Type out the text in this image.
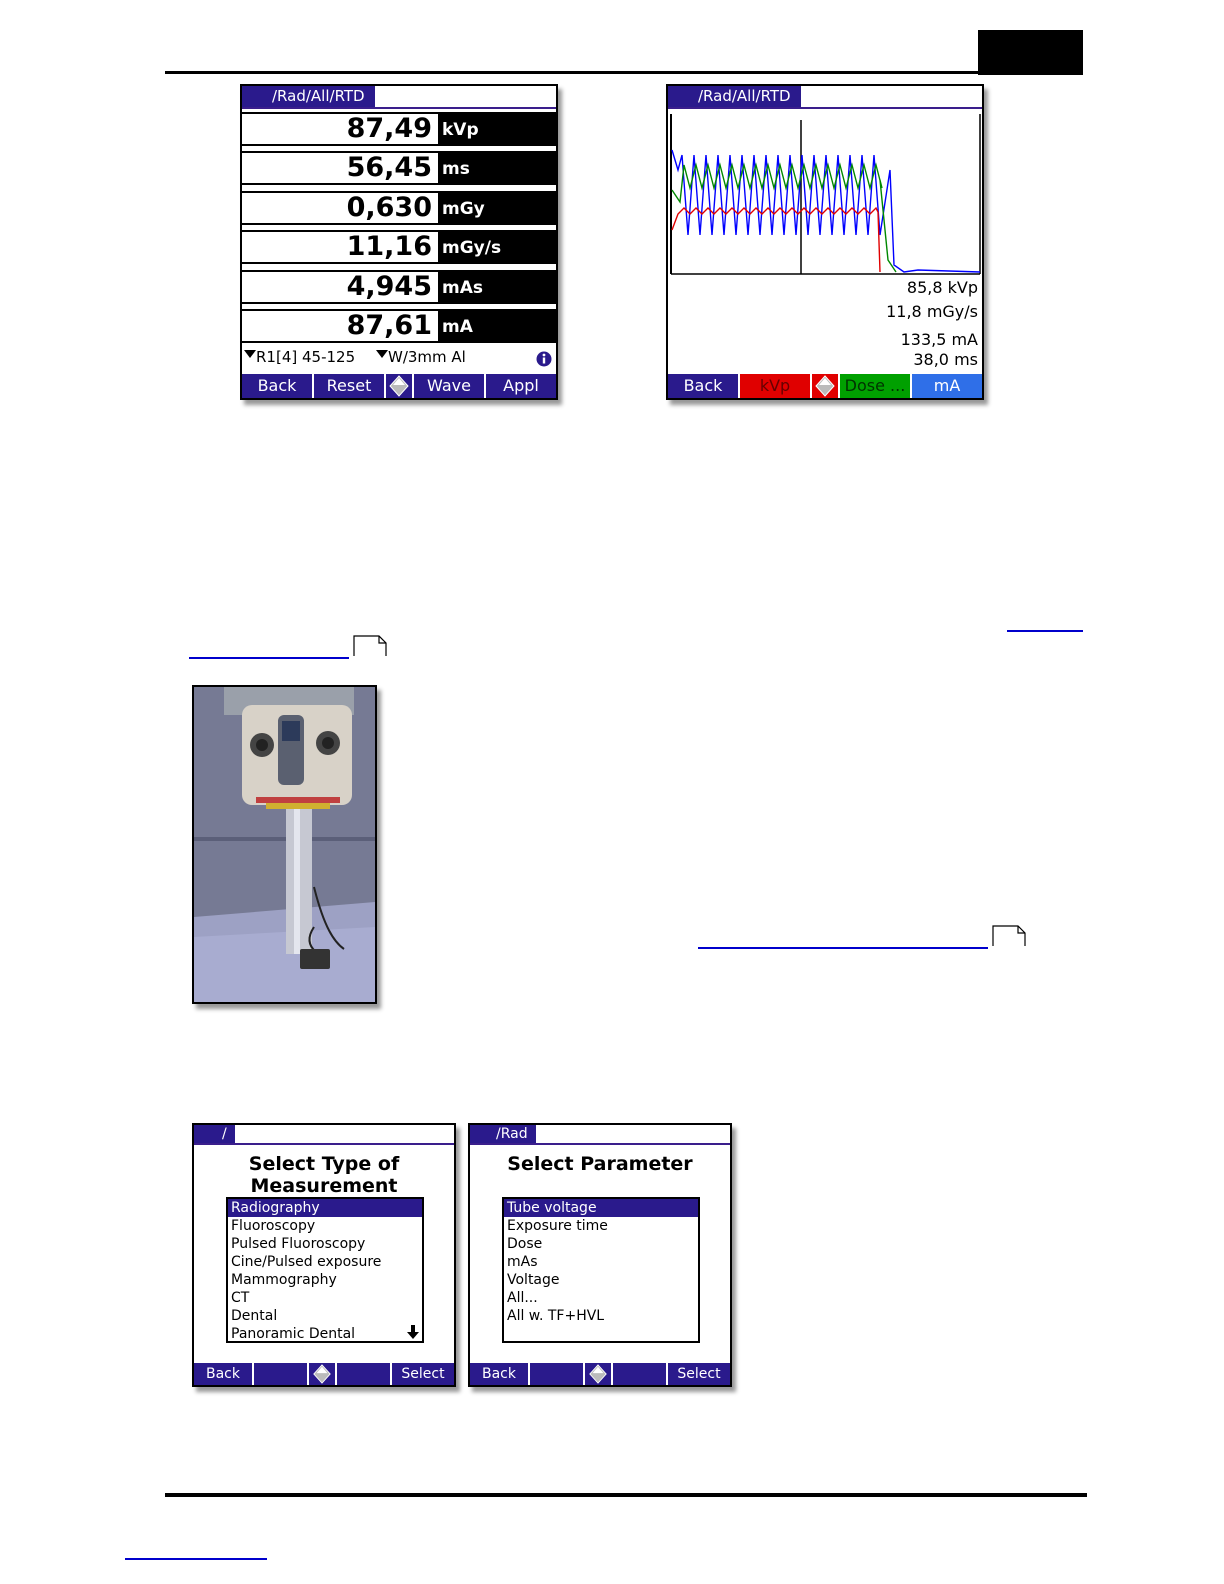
/Rad/All/RTD
87,49 kVp
56,45 ms
0,630 mGy
11,16 mGy/s
4,945 mAs
87,61 mA
R1[4] 45-125	W/3mm Al
Back	Reset	Wave	Appl
/Rad/All/RTD
85,8 kVp
11,8 mGy/s
133,5 mA
38,0 ms
Back	kVp	Dose ...	mA
/
Select Type of Measurement
Radiography
Fluoroscopy
Pulsed Fluoroscopy
Cine/Pulsed exposure
Mammography
CT
Dental
Panoramic Dental
Back	Select
/Rad
Select Parameter
Tube voltage
Exposure time
Dose
mAs
Voltage
All...
All w. TF+HVL
Back	Select
